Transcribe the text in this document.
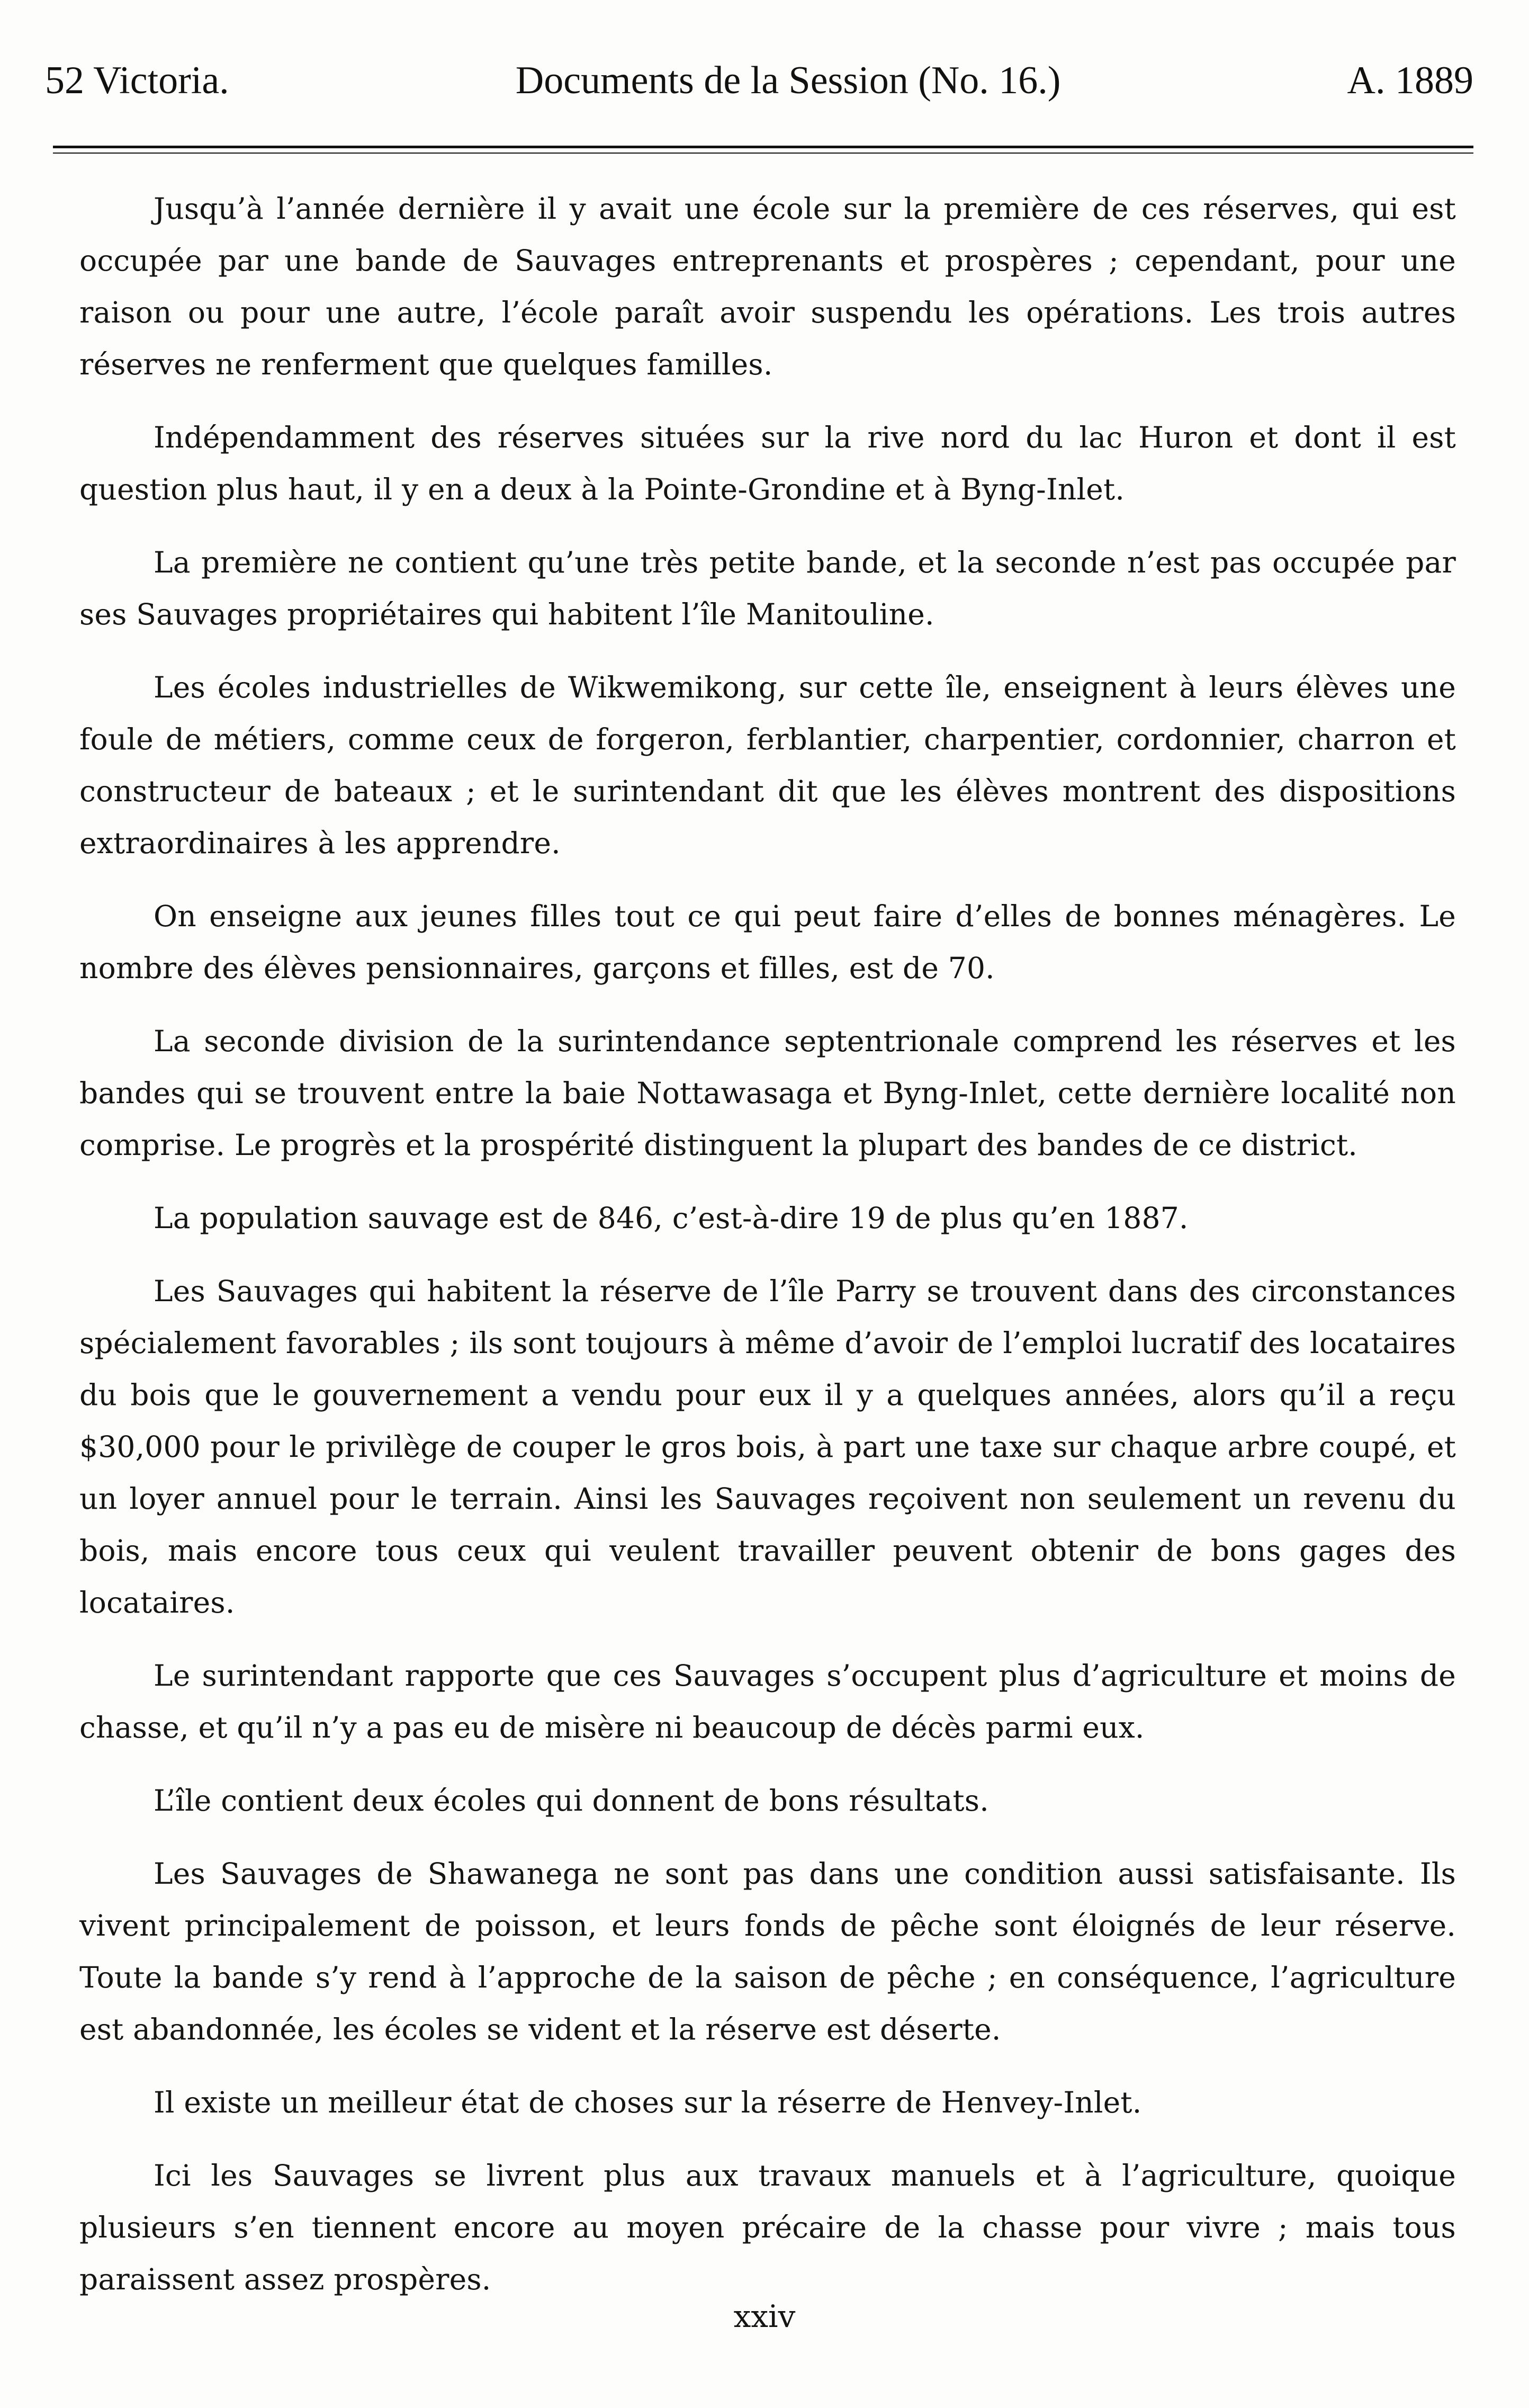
52 Victoria.	Documents de la Session (No. 16.)	A. 1889

Jusqu’à l’année dernière il y avait une école sur la première de ces réserves, qui est occupée par une bande de Sauvages entreprenants et prospères ; cependant, pour une raison ou pour une autre, l’école paraît avoir suspendu les opérations. Les trois autres réserves ne renferment que quelques familles.

Indépendamment des réserves situées sur la rive nord du lac Huron et dont il est question plus haut, il y en a deux à la Pointe-Grondine et à Byng-Inlet.

La première ne contient qu’une très petite bande, et la seconde n’est pas occupée par ses Sauvages propriétaires qui habitent l’île Manitouline.

Les écoles industrielles de Wikwemikong, sur cette île, enseignent à leurs élèves une foule de métiers, comme ceux de forgeron, ferblantier, charpentier, cordonnier, charron et constructeur de bateaux ; et le surintendant dit que les élèves montrent des dispositions extraordinaires à les apprendre.

On enseigne aux jeunes filles tout ce qui peut faire d’elles de bonnes ménagères. Le nombre des élèves pensionnaires, garçons et filles, est de 70.

La seconde division de la surintendance septentrionale comprend les réserves et les bandes qui se trouvent entre la baie Nottawasaga et Byng-Inlet, cette dernière localité non comprise. Le progrès et la prospérité distinguent la plupart des bandes de ce district.

La population sauvage est de 846, c’est-à-dire 19 de plus qu’en 1887.

Les Sauvages qui habitent la réserve de l’île Parry se trouvent dans des circonstances spécialement favorables ; ils sont toujours à même d’avoir de l’emploi lucratif des locataires du bois que le gouvernement a vendu pour eux il y a quelques années, alors qu’il a reçu $30,000 pour le privilège de couper le gros bois, à part une taxe sur chaque arbre coupé, et un loyer annuel pour le terrain. Ainsi les Sauvages reçoivent non seulement un revenu du bois, mais encore tous ceux qui veulent travailler peuvent obtenir de bons gages des locataires.

Le surintendant rapporte que ces Sauvages s’occupent plus d’agriculture et moins de chasse, et qu’il n’y a pas eu de misère ni beaucoup de décès parmi eux.

L’île contient deux écoles qui donnent de bons résultats.

Les Sauvages de Shawanega ne sont pas dans une condition aussi satisfaisante. Ils vivent principalement de poisson, et leurs fonds de pêche sont éloignés de leur réserve. Toute la bande s’y rend à l’approche de la saison de pêche ; en conséquence, l’agriculture est abandonnée, les écoles se vident et la réserve est déserte.

Il existe un meilleur état de choses sur la réserre de Henvey-Inlet.

Ici les Sauvages se livrent plus aux travaux manuels et à l’agriculture, quoique plusieurs s’en tiennent encore au moyen précaire de la chasse pour vivre ; mais tous paraissent assez prospères.

xxiv
